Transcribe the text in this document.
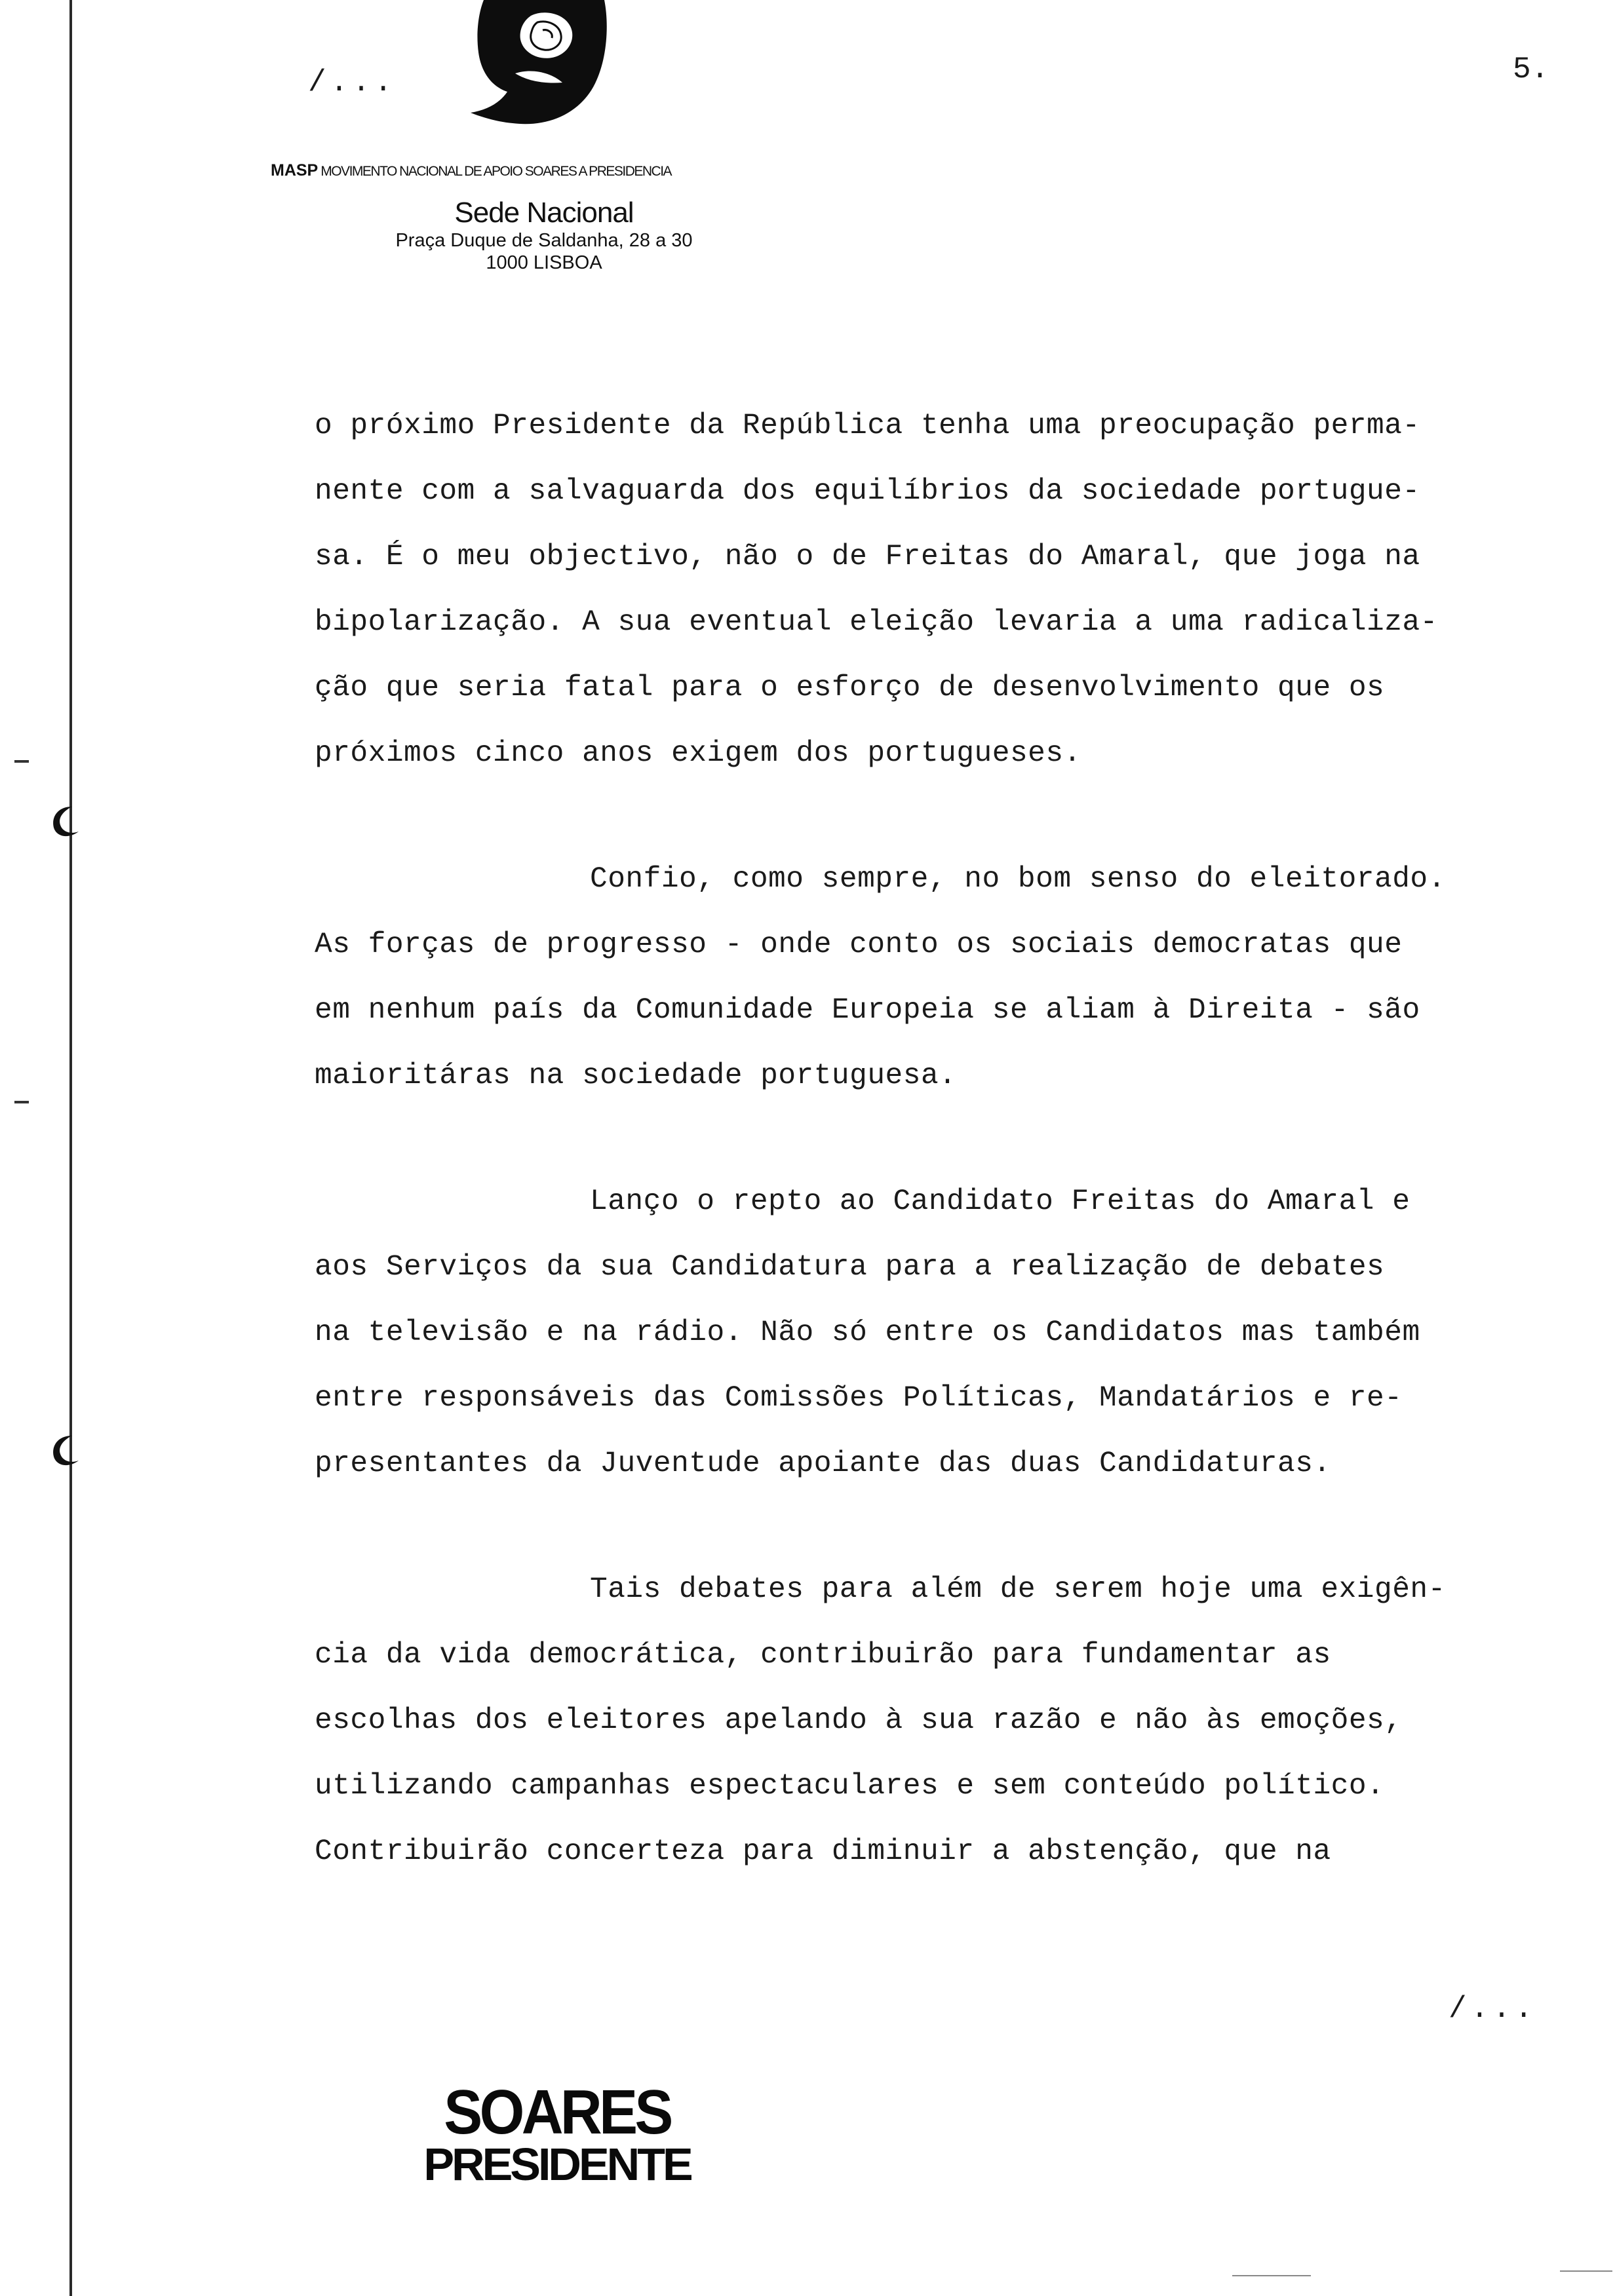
/...	5.
MASP MOVIMENTO NACIONAL DE APOIO SOARES A PRESIDENCIA
Sede Nacional
Praça Duque de Saldanha, 28 a 30
1000 LISBOA
o próximo Presidente da República tenha uma preocupação perma-
nente com a salvaguarda dos equilíbrios da sociedade portugue-
sa. É o meu objectivo, não o de Freitas do Amaral, que joga na
bipolarização. A sua eventual eleição levaria a uma radicaliza-
ção que seria fatal para o esforço de desenvolvimento que os
próximos cinco anos exigem dos portugueses.
Confio, como sempre, no bom senso do eleitorado.
As forças de progresso - onde conto os sociais democratas que
em nenhum país da Comunidade Europeia se aliam à Direita - são
maioritáras na sociedade portuguesa.
Lanço o repto ao Candidato Freitas do Amaral e
aos Serviços da sua Candidatura para a realização de debates
na televisão e na rádio. Não só entre os Candidatos mas também
entre responsáveis das Comissões Políticas, Mandatários e re-
presentantes da Juventude apoiante das duas Candidaturas.
Tais debates para além de serem hoje uma exigên-
cia da vida democrática, contribuirão para fundamentar as
escolhas dos eleitores apelando à sua razão e não às emoções,
utilizando campanhas espectaculares e sem conteúdo político.
Contribuirão concerteza para diminuir a abstenção, que na
/...
SOARES
PRESIDENTE
